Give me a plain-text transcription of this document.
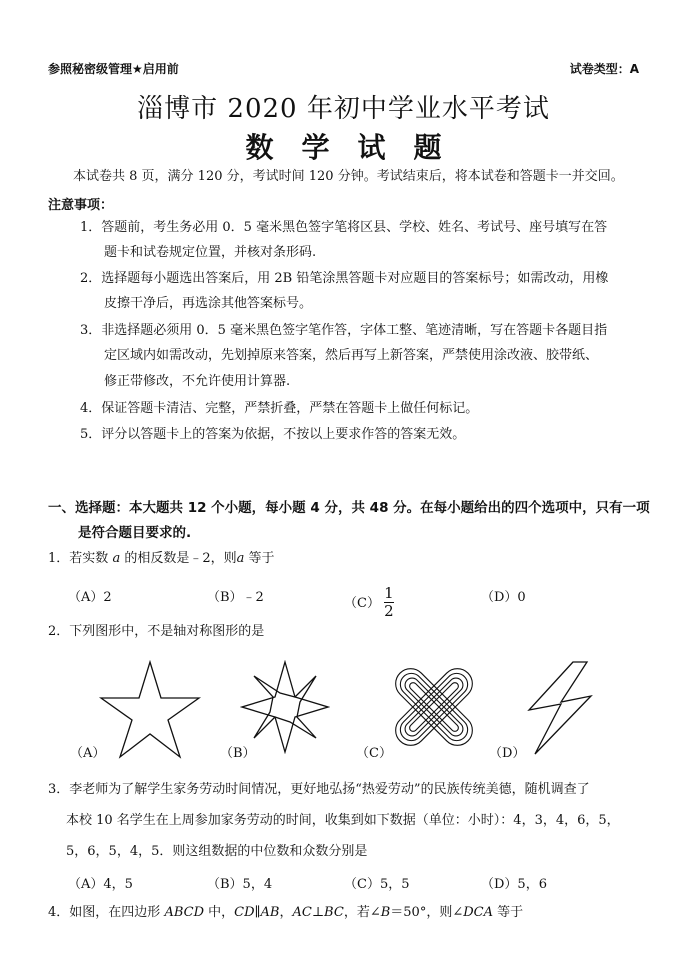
参照秘密级管理★启用前	试卷类型：A
淄博市 2020 年初中学业水平考试
数学试题
本试卷共 8 页，满分 120 分，考试时间 120 分钟。考试结束后，将本试卷和答题卡一并交回。
注意事项：
1．答题前，考生务必用 0．5 毫米黑色签字笔将区县、学校、姓名、考试号、座号填写在答
题卡和试卷规定位置，并核对条形码.
2．选择题每小题选出答案后，用 2B 铅笔涂黑答题卡对应题目的答案标号；如需改动，用橡
皮擦干净后，再选涂其他答案标号。
3．非选择题必须用 0．5 毫米黑色签字笔作答，字体工整、笔迹清晰，写在答题卡各题目指
定区域内如需改动，先划掉原来答案，然后再写上新答案，严禁使用涂改液、胶带纸、
修正带修改，不允许使用计算器.
4．保证答题卡清洁、完整，严禁折叠，严禁在答题卡上做任何标记。
5．评分以答题卡上的答案为依据，不按以上要求作答的答案无效。
一、选择题：本大题共 12 个小题，每小题 4 分，共 48 分。在每小题给出的四个选项中，只有一项
是符合题目要求的.
1．若实数 a 的相反数是﹣2，则a 等于
（A）2	（B）﹣2	$(C) \frac{1}{2}$	（D）0
2．下列图形中，不是轴对称图形的是
（A）	（B）	（C）	（D）
3．李老师为了解学生家务劳动时间情况，更好地弘扬“热爱劳动”的民族传统美德，随机调查了
本校 10 名学生在上周参加家务劳动的时间，收集到如下数据（单位：小时）：4，3，4，6，5，
5，6，5，4，5．则这组数据的中位数和众数分别是
（A）4，5	（B）5，4	（C）5，5	（D）5，6
4．如图，在四边形 ABCD 中，CD∥AB，AC⊥BC，若∠B＝50°，则∠DCA 等于
